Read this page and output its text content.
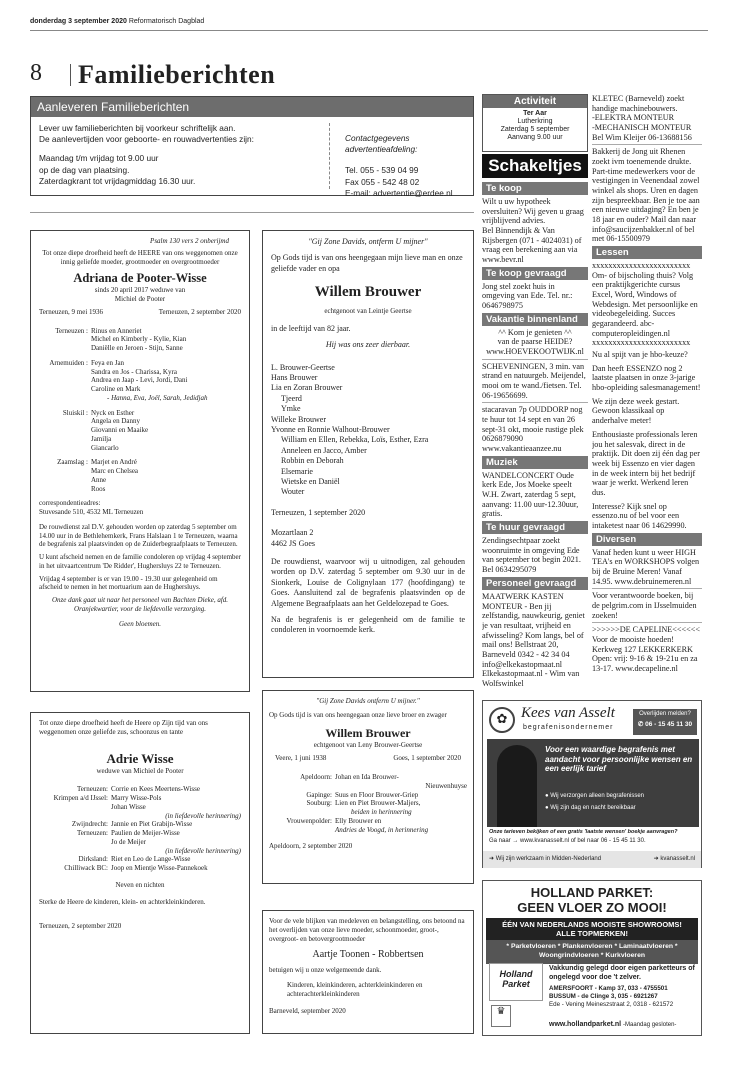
donderdag 3 september 2020 Reformatorisch Dagblad
8 Familieberichten
Aanleveren Familieberichten
Lever uw familieberichten bij voorkeur schriftelijk aan.
De aanlevertijden voor geboorte- en rouwadvertenties zijn:
Maandag t/m vrijdag tot 9.00 uur
op de dag van plaatsing.
Zaterdagkrant tot vrijdagmiddag 16.30 uur.
Contactgegevens advertentieafdeling:
Tel. 055 - 539 04 99
Fax 055 - 542 48 02
E-mail: advertentie@erdee.nl
Psalm 130 vers 2 onberijmd
Tot onze diepe droefheid heeft de HEERE van ons weggenomen onze innig geliefde moeder, grootmoeder en overgrootmoeder
Adriana de Pooter-Wisse
sinds 20 april 2017 weduwe van
Michiel de Pooter
Terneuzen, 9 mei 1936	Terneuzen, 2 september 2020
Terneuzen : Rinus en Anneriet
Michel en Kimberly - Kylie, Kian
Daniëlle en Jeroen - Stijn, Sanne
Arnemuiden : Feya en Jan
Sandra en Jos - Charissa, Kyra
Andrea en Jaap - Levi, Jordi, Dani
Caroline en Mark
- Hanna, Eva, Joël, Sarah, Jedidjah
Sluiskil : Nyck en Esther
Angela en Danny
Giovanni en Maaike
Jamilja
Giancarlo
Zaamslag : Marjet en André
Marc en Chelsea
Anne
Roos
correspondentieadres:
Stuvesande 510, 4532 ML Terneuzen
De rouwdienst zal D.V. gehouden worden op zaterdag 5 september om 14.00 uur in de Bethlehemkerk, Frans Halslaan 1 te Terneuzen, waarna de begrafenis zal plaatsvinden op de Zuiderbegraafplaats te Terneuzen.
U kunt afscheid nemen en de familie condoleren op vrijdag 4 september in het uitvaartcentrum 'De Ridder', Hughersluys 22 te Terneuzen.
Vrijdag 4 september is er van 19.00 - 19.30 uur gelegenheid om afscheid te nemen in het mortuarium aan de Hughersluys.
Onze dank gaat uit naar het personeel van Bachten Dieke, afd. Oranjekwartier, voor de liefdevolle verzorging.
Geen bloemen.
"Gij Zone Davids, ontferm U mijner"
Op Gods tijd is van ons heengegaan mijn lieve man en onze geliefde vader en opa
Willem Brouwer
echtgenoot van Leintje Geertse
in de leeftijd van 82 jaar.
Hij was ons zeer dierbaar.
L. Brouwer-Geertse
Hans Brouwer
Lia en Zoran Brouwer
Tjeerd
Ymke
Willeke Brouwer
Yvonne en Ronnie Walhout-Brouwer
William en Ellen, Rebekka, Loïs, Esther, Ezra
Anneleen en Jacco, Amber
Robbin en Deborah
Elsemarie
Wietske en Daniël
Wouter
Terneuzen, 1 september 2020
Mozartlaan 2
4462 JS Goes
De rouwdienst, waarvoor wij u uitnodigen, zal gehouden worden op D.V. zaterdag 5 september om 9.30 uur in de Sionkerk, Louise de Colignylaan 177 (hoofdingang) te Goes. Aansluitend zal de begrafenis plaatsvinden op de Algemene Begraafplaats aan het Geldelozepad te Goes.
Na de begrafenis is er gelegenheid om de familie te condoleren in voornoemde kerk.
"Gij Zone Davids ontferm U mijner."
Op Gods tijd is van ons heengegaan onze lieve broer en zwager
Willem Brouwer
echtgenoot van Leny Brouwer-Geertse
Veere, 1 juni 1938	Goes, 1 september 2020
Apeldoorn: Johan en Ida Brouwer-
Nieuwenhuyse
Gapinge: Suus en Floor Brouwer-Griep
Souburg: Lien en Piet Brouwer-Maljers,
beiden in herinnering
Vrouwenpolder: Elly Brouwer en
Andries de Voogd, in herinnering
Apeldoorn, 2 september 2020
Tot onze diepe droefheid heeft de Heere op Zijn tijd van ons weggenomen onze geliefde zus, schoonzus en tante
Adrie Wisse
weduwe van Michiel de Pooter
Terneuzen: Corrie en Kees Meertens-Wisse
Krimpen a/d IJssel: Marry Wisse-Pols
Johan Wisse
(in liefdevolle herinnering)
Zwijndrecht: Jannie en Piet Grabijn-Wisse
Terneuzen: Paulien de Meijer-Wisse
Jo de Meijer
(in liefdevolle herinnering)
Dirksland: Riet en Leo de Lange-Wisse
Chilliwack BC: Joop en Mientje Wisse-Pannekoek
Neven en nichten
Sterke de Heere de kinderen, klein- en achterkleinkinderen.
Terneuzen, 2 september 2020
Voor de vele blijken van medeleven en belangstelling, ons betoond na het overlijden van onze lieve moeder, schoonmoeder, groot-, overgroot- en betovergrootmoeder
Aartje Toonen - Robbertsen
betuigen wij u onze welgemeende dank.
Kinderen, kleinkinderen, achterkleinkinderen en achterachterkleinkinderen
Barneveld, september 2020
Activiteit
Ter Aar
Lutherkring
Zaterdag 5 september
Aanvang 9.00 uur
Schakeltjes
Te koop
Wilt u uw hypotheek oversluiten? Wij geven u graag vrijblijvend advies.
Bel Binnendijk & Van Rijsbergen (071 - 4024031) of vraag een berekening aan via www.bevr.nl
Te koop gevraagd
Jong stel zoekt huis in omgeving van Ede. Tel. nr.: 0646798975
Vakantie binnenland
^^ Kom je genieten ^^
van de paarse HEIDE?
www.HOEVEKOOTWIJK.nl
SCHEVENINGEN, 3 min. van strand en natuurgeb. Meijendel, mooi om te wand./fietsen. Tel. 06-19656699.
stacaravan 7p OUDDORP nog te huur tot 14 sept en van 26 sept-31 okt, mooie rustige plek 0626879090 www.vakantieaanzee.nu
Muziek
WANDELCONCERT Oude kerk Ede, Jos Moeke speelt W.H. Zwart, zaterdag 5 sept, aanvang: 11.00 uur-12.30uur, gratis.
Te huur gevraagd
Zendingsechtpaar zoekt woonruimte in omgeving Ede van september tot begin 2021. Bel 0634295079
Personeel gevraagd
MAATWERK KASTEN MONTEUR - Ben jij zelfstandig, nauwkeurig, geniet je van resultaat, vrijheid en afwisseling? Kom langs, bel of mail ons! Bellstraat 20, Barneveld 0342 - 42 34 04 info@elkekastopmaat.nl Elkekastopmaat.nl - Wim van Wolfswinkel
KLETEC (Barneveld) zoekt handige machinebouwers.
-ELEKTRA MONTEUR
-MECHANISCH MONTEUR
Bel Wim Kleijer 06-13688156
Bakkerij de Jong uit Rhenen zoekt ivm toenemende drukte. Part-time medewerkers voor de vestigingen in Veenendaal zowel winkel als shops. Uren en dagen zijn bespreekbaar. Ben je toe aan een nieuwe uitdaging? En ben je 18 jaar en ouder? Mail dan naar info@saucijzenbakker.nl of bel met 06-15500979
Lessen
xxxxxxxxxxxxxxxxxxxxxxxx
Om- of bijscholing thuis? Volg een praktijkgerichte cursus Excel, Word, Windows of Webdesign. Met persoonlijke en videobegeleiding. Succes gegarandeerd. abc-computeropleidingen.nl
xxxxxxxxxxxxxxxxxxxxxxxx
Nu al spijt van je hbo-keuze?
Dan heeft ESSENZO nog 2 laatste plaatsen in onze 3-jarige hbo-opleiding salesmanagement!
We zijn deze week gestart. Gewoon klassikaal op anderhalve meter!
Enthousiaste professionals leren jou het salesvak, direct in de praktijk. Dit doen zij één dag per week bij Essenzo en vier dagen in de week intern bij het bedrijf waar je werkt. Werkend leren dus.
Interesse? Kijk snel op essenzo.nu of bel voor een intaketest naar 06 14629990.
Diversen
Vanaf heden kunt u weer HIGH TEA's en WORKSHOPS volgen bij de Bruine Meren! Vanaf 14.95. www.debruinemeren.nl
Voor verantwoorde boeken, bij de pelgrim.com in IJsselmuiden zoeken!
>>>>>>DE CAPELINE<<<<<< Voor de mooiste hoeden! Kerkweg 127 LEKKERKERK Open: vrij: 9-16 & 19-21u en za 13-17. www.decapeline.nl
✿ Kees van Asselt
begrafenisondernemer
Overlijden melden?
✆ 06 - 15 45 11 30
Voor een waardige begrafenis met aandacht voor persoonlijke wensen en een eerlijk tarief
● Wij verzorgen alleen begrafenissen
● Wij zijn dag en nacht bereikbaar
Onze tarieven bekijken of een gratis 'laatste wensen' boekje aanvragen?
Ga naar → www.kvanasselt.nl of bel naar 06 - 15 45 11 30.
➜ Wij zijn werkzaam in Midden-Nederland	➜ kvanasselt.nl
HOLLAND PARKET:
GEEN VLOER ZO MOOI!
ÉÉN VAN NEDERLANDS MOOISTE SHOWROOMS!
ALLE TOPMERKEN!
* Parketvloeren * Plankenvloeren * Laminaatvloeren * Woongrindvloeren * Kurkvloeren
Holland
Parket
Vakkundig gelegd door eigen parketteurs of ongelegd voor doe 't zelver.
AMERSFOORT - Kamp 37, 033 - 4755501
BUSSUM - de Clinge 3, 035 - 6921267
Ede - Vening Meineszstraat 2, 0318 - 621572
♛
www.hollandparket.nl -Maandag gesloten-
